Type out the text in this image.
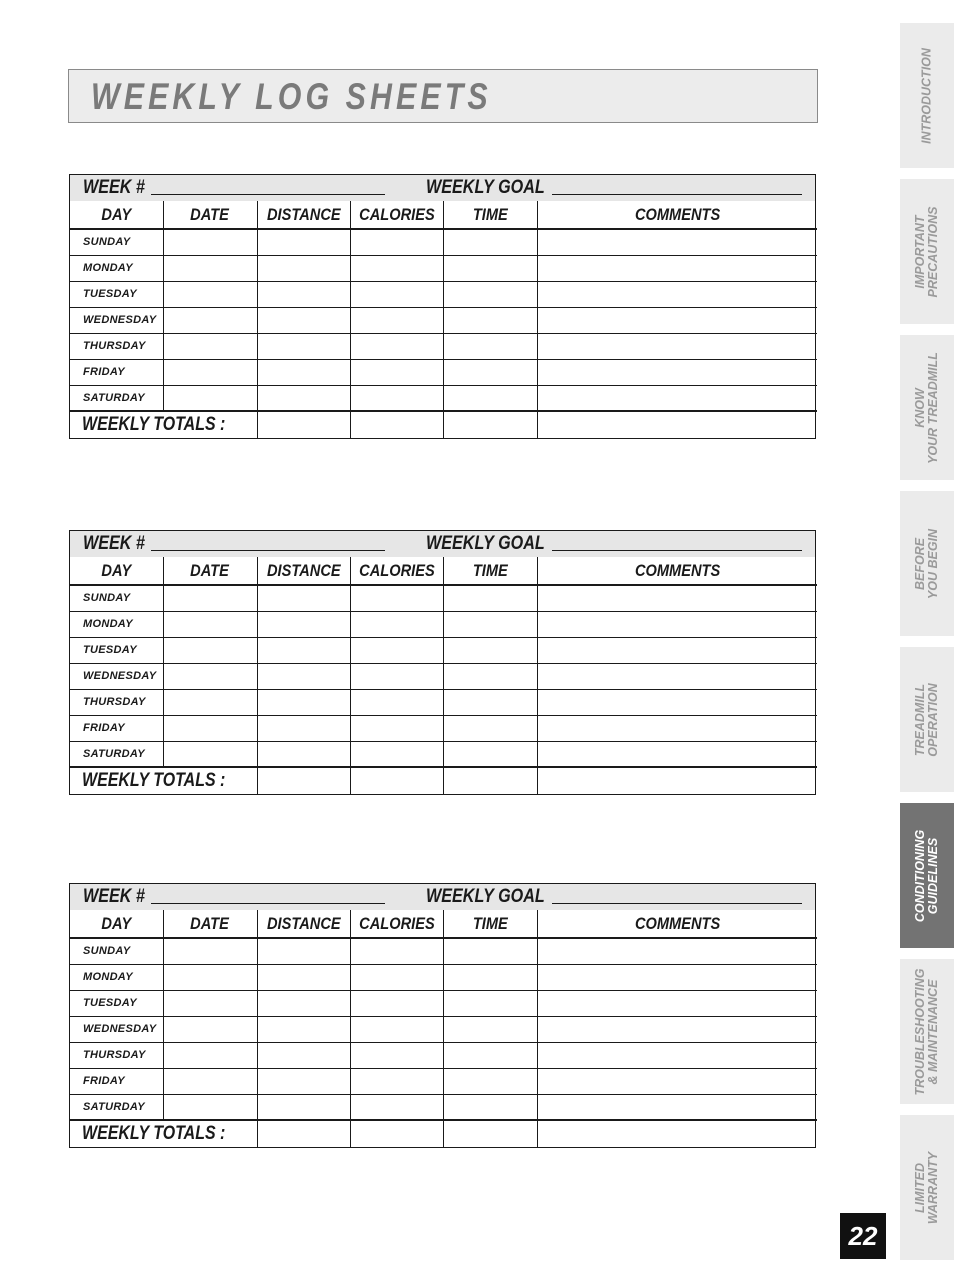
WEEKLY LOG SHEETS
WEEK #	WEEKLY GOAL
DAY	DATE	DISTANCE	CALORIES	TIME	COMMENTS
SUNDAY					
MONDAY					
TUESDAY					
WEDNESDAY					
THURSDAY					
FRIDAY					
SATURDAY					
WEEKLY TOTALS :					
WEEK #	WEEKLY GOAL
DAY	DATE	DISTANCE	CALORIES	TIME	COMMENTS
SUNDAY					
MONDAY					
TUESDAY					
WEDNESDAY					
THURSDAY					
FRIDAY					
SATURDAY					
WEEKLY TOTALS :					
WEEK #	WEEKLY GOAL
DAY	DATE	DISTANCE	CALORIES	TIME	COMMENTS
SUNDAY					
MONDAY					
TUESDAY					
WEDNESDAY					
THURSDAY					
FRIDAY					
SATURDAY					
WEEKLY TOTALS :					
INTRODUCTION
IMPORTANT PRECAUTIONS
KNOW YOUR TREADMILL
BEFORE YOU BEGIN
TREADMILL OPERATION
CONDITIONING GUIDELINES
TROUBLESHOOTING & MAINTENANCE
LIMITED WARRANTY
22
